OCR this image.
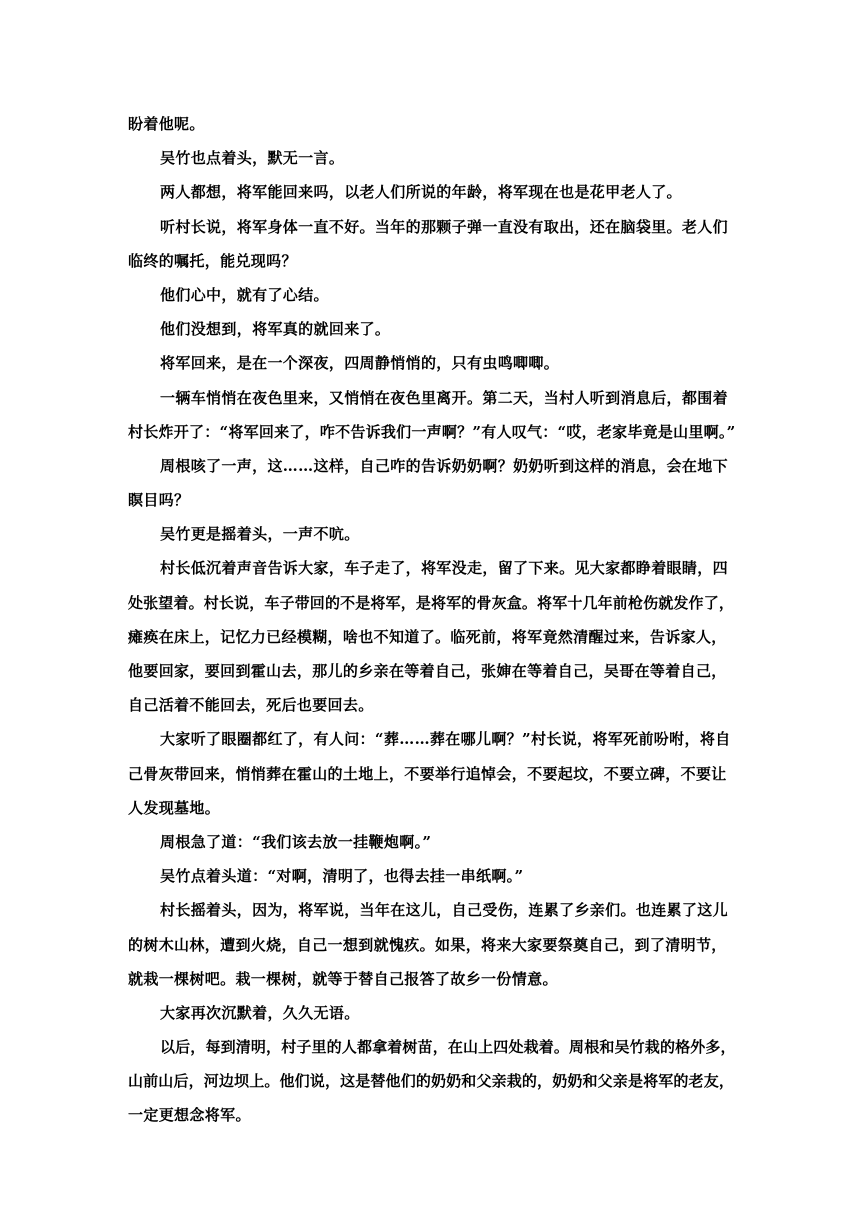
盼着他呢。
吴竹也点着头，默无一言。
两人都想，将军能回来吗，以老人们所说的年龄，将军现在也是花甲老人了。
听村长说，将军身体一直不好。当年的那颗子弹一直没有取出，还在脑袋里。老人们
临终的嘱托，能兑现吗？
他们心中，就有了心结。
他们没想到，将军真的就回来了。
将军回来，是在一个深夜，四周静悄悄的，只有虫鸣唧唧。
一辆车悄悄在夜色里来，又悄悄在夜色里离开。第二天，当村人听到消息后，都围着
村长炸开了：“将军回来了，咋不告诉我们一声啊？”有人叹气：“哎，老家毕竟是山里啊。”
周根咳了一声，这……这样，自己咋的告诉奶奶啊？奶奶听到这样的消息，会在地下
瞑目吗？
吴竹更是摇着头，一声不吭。
村长低沉着声音告诉大家，车子走了，将军没走，留了下来。见大家都睁着眼睛，四
处张望着。村长说，车子带回的不是将军，是将军的骨灰盒。将军十几年前枪伤就发作了，
瘫痪在床上，记忆力已经模糊，啥也不知道了。临死前，将军竟然清醒过来，告诉家人，
他要回家，要回到霍山去，那儿的乡亲在等着自己，张婶在等着自己，吴哥在等着自己，
自己活着不能回去，死后也要回去。
大家听了眼圈都红了，有人问：“葬……葬在哪儿啊？”村长说，将军死前吩咐，将自
己骨灰带回来，悄悄葬在霍山的土地上，不要举行追悼会，不要起坟，不要立碑，不要让
人发现墓地。
周根急了道：“我们该去放一挂鞭炮啊。”
吴竹点着头道：“对啊，清明了，也得去挂一串纸啊。”
村长摇着头，因为，将军说，当年在这儿，自己受伤，连累了乡亲们。也连累了这儿
的树木山林，遭到火烧，自己一想到就愧疚。如果，将来大家要祭奠自己，到了清明节，
就栽一棵树吧。栽一棵树，就等于替自己报答了故乡一份情意。
大家再次沉默着，久久无语。
以后，每到清明，村子里的人都拿着树苗，在山上四处栽着。周根和吴竹栽的格外多，
山前山后，河边坝上。他们说，这是替他们的奶奶和父亲栽的，奶奶和父亲是将军的老友，
一定更想念将军。
